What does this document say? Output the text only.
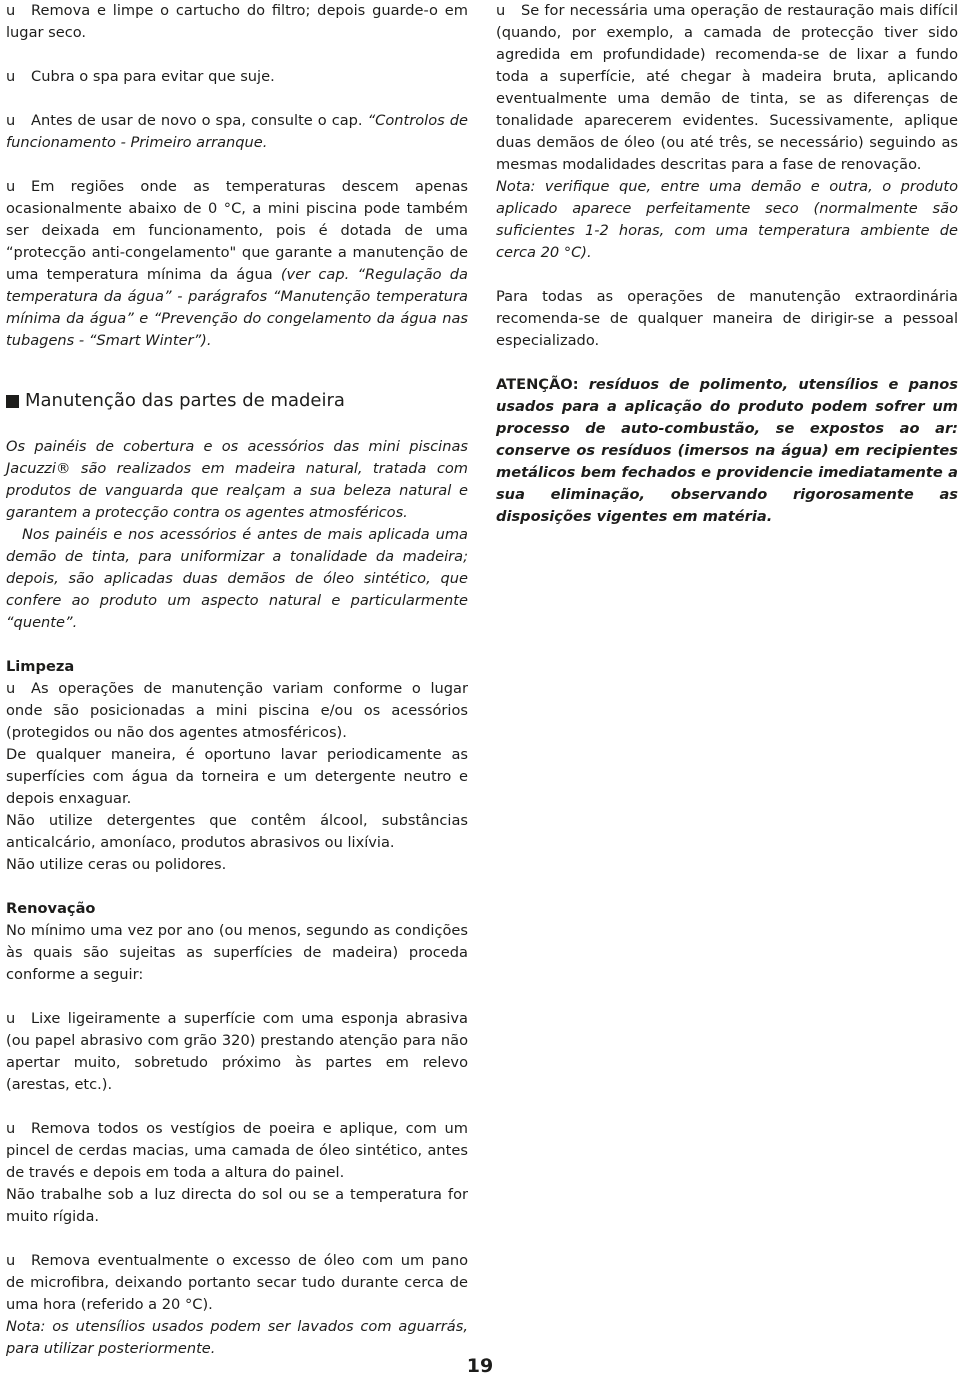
u Remova e limpe o cartucho do filtro; depois guarde-o em lugar seco.

u Cubra o spa para evitar que suje.

u Antes de usar de novo o spa, consulte o cap. “Controlos de funcionamento - Primeiro arranque.

u Em regiões onde as temperaturas descem apenas ocasionalmente abaixo de 0 °C, a mini piscina pode também ser deixada em funcionamento, pois é dotada de uma “protecção anti-congelamento" que garante a manutenção de uma temperatura mínima da água (ver cap. “Regulação da temperatura da água” - parágrafos “Manutenção temperatura mínima da água” e “Prevenção do congelamento da água nas tubagens - “Smart Winter”).

Manutenção das partes de madeira

Os painéis de cobertura e os acessórios das mini piscinas Jacuzzi® são realizados em madeira natural, tratada com produtos de vanguarda que realçam a sua beleza natural e garantem a protecção contra os agentes atmosféricos.

Nos painéis e nos acessórios é antes de mais aplicada uma demão de tinta, para uniformizar a tonalidade da madeira; depois, são aplicadas duas demãos de óleo sintético, que confere ao produto um aspecto natural e particularmente “quente”.

Limpeza

u As operações de manutenção variam conforme o lugar onde são posicionadas a mini piscina e/ou os acessórios (protegidos ou não dos agentes atmosféricos).

De qualquer maneira, é oportuno lavar periodicamente as superfícies com água da torneira e um detergente neutro e depois enxaguar.

Não utilize detergentes que contêm álcool, substâncias anticalcário, amoníaco, produtos abrasivos ou lixívia.

Não utilize ceras ou polidores.

Renovação

No mínimo uma vez por ano (ou menos, segundo as condições às quais são sujeitas as superfícies de madeira) proceda conforme a seguir:

u Lixe ligeiramente a superfície com uma esponja abrasiva (ou papel abrasivo com grão 320) prestando atenção para não apertar muito, sobretudo próximo às partes em relevo (arestas, etc.).

u Remova todos os vestígios de poeira e aplique, com um pincel de cerdas macias, uma camada de óleo sintético, antes de través e depois em toda a altura do painel.

Não trabalhe sob a luz directa do sol ou se a temperatura for muito rígida.

u Remova eventualmente o excesso de óleo com um pano de microfibra, deixando portanto secar tudo durante cerca de uma hora (referido a 20 °C).

Nota: os utensílios usados podem ser lavados com aguarrás, para utilizar posteriormente.

u Se for necessária uma operação de restauração mais difícil (quando, por exemplo, a camada de protecção tiver sido agredida em profundidade) recomenda-se de lixar a fundo toda a superfície, até chegar à madeira bruta, aplicando eventualmente uma demão de tinta, se as diferenças de tonalidade aparecerem evidentes. Sucessivamente, aplique duas demãos de óleo (ou até três, se necessário) seguindo as mesmas modalidades descritas para a fase de renovação.

Nota: verifique que, entre uma demão e outra, o produto aplicado aparece perfeitamente seco (normalmente são suficientes 1-2 horas, com uma temperatura ambiente de cerca 20 °C).

Para todas as operações de manutenção extraordinária recomenda-se de qualquer maneira de dirigir-se a pessoal especializado.

ATENÇÃO: resíduos de polimento, utensílios e panos usados para a aplicação do produto podem sofrer um processo de auto-combustão, se expostos ao ar: conserve os resíduos (imersos na água) em recipientes metálicos bem fechados e providencie imediatamente a sua eliminação, observando rigorosamente as disposições vigentes em matéria.

19
